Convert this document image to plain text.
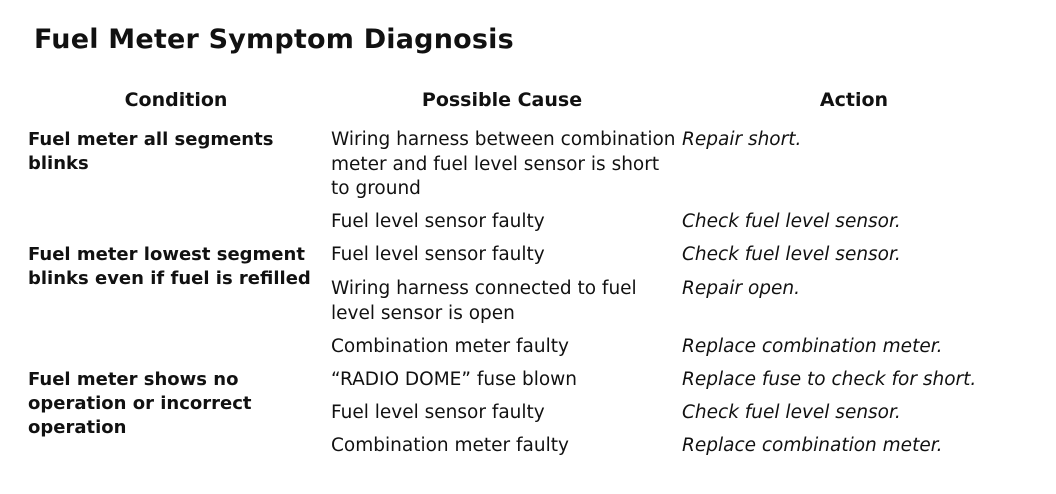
Fuel Meter Symptom Diagnosis
Condition	Possible Cause	Action
Fuel meter all segments blinks
Fuel meter lowest segment blinks even if fuel is refilled
Fuel meter shows no operation or incorrect operation
Wiring harness between combination meter and fuel level sensor is short to ground
Fuel level sensor faulty
Fuel level sensor faulty
Wiring harness connected to fuel level sensor is open
Combination meter faulty
“RADIO DOME” fuse blown
Fuel level sensor faulty
Combination meter faulty
Repair short.
Check fuel level sensor.
Check fuel level sensor.
Repair open.
Replace combination meter.
Replace fuse to check for short.
Check fuel level sensor.
Replace combination meter.
